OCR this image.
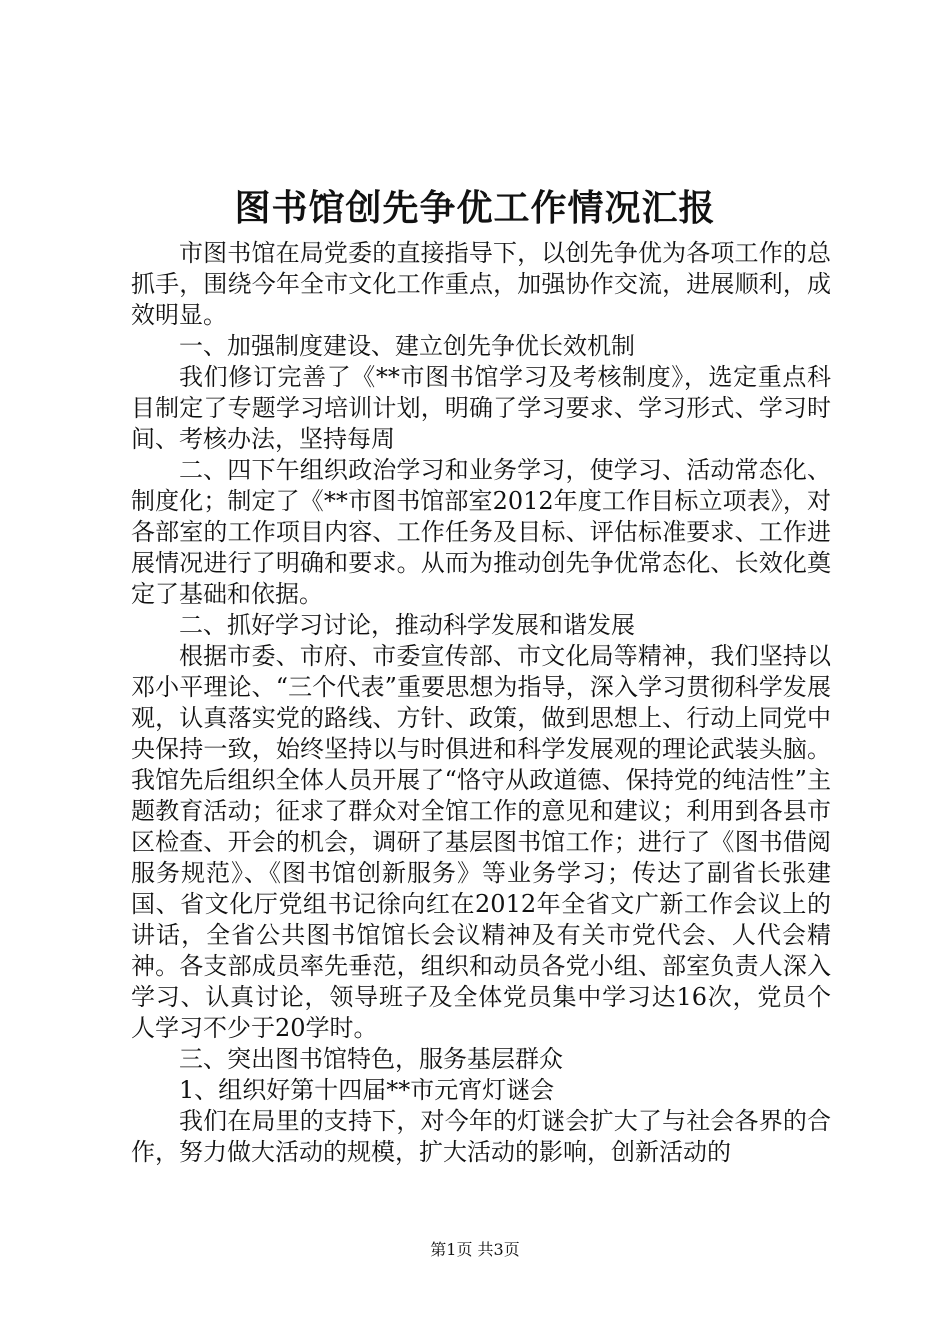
图书馆创先争优工作情况汇报

市图书馆在局党委的直接指导下，以创先争优为各项工作的总抓手，围绕今年全市文化工作重点，加强协作交流，进展顺利，成效明显。

一、加强制度建设、建立创先争优长效机制

我们修订完善了《**市图书馆学习及考核制度》，选定重点科目制定了专题学习培训计划，明确了学习要求、学习形式、学习时间、考核办法，坚持每周

二、四下午组织政治学习和业务学习，使学习、活动常态化、制度化；制定了《**市图书馆部室2012年度工作目标立项表》，对各部室的工作项目内容、工作任务及目标、评估标准要求、工作进展情况进行了明确和要求。从而为推动创先争优常态化、长效化奠定了基础和依据。

二、抓好学习讨论，推动科学发展和谐发展

根据市委、市府、市委宣传部、市文化局等精神，我们坚持以邓小平理论、“三个代表”重要思想为指导，深入学习贯彻科学发展观，认真落实党的路线、方针、政策，做到思想上、行动上同党中央保持一致，始终坚持以与时俱进和科学发展观的理论武装头脑。我馆先后组织全体人员开展了“恪守从政道德、保持党的纯洁性”主题教育活动；征求了群众对全馆工作的意见和建议；利用到各县市区检查、开会的机会，调研了基层图书馆工作；进行了《图书借阅服务规范》、《图书馆创新服务》等业务学习；传达了副省长张建国、省文化厅党组书记徐向红在2012年全省文广新工作会议上的讲话，全省公共图书馆馆长会议精神及有关市党代会、人代会精神。各支部成员率先垂范，组织和动员各党小组、部室负责人深入学习、认真讨论，领导班子及全体党员集中学习达16次，党员个人学习不少于20学时。

三、突出图书馆特色，服务基层群众

1、组织好第十四届**市元宵灯谜会

我们在局里的支持下，对今年的灯谜会扩大了与社会各界的合作，努力做大活动的规模，扩大活动的影响，创新活动的

第1页 共3页
